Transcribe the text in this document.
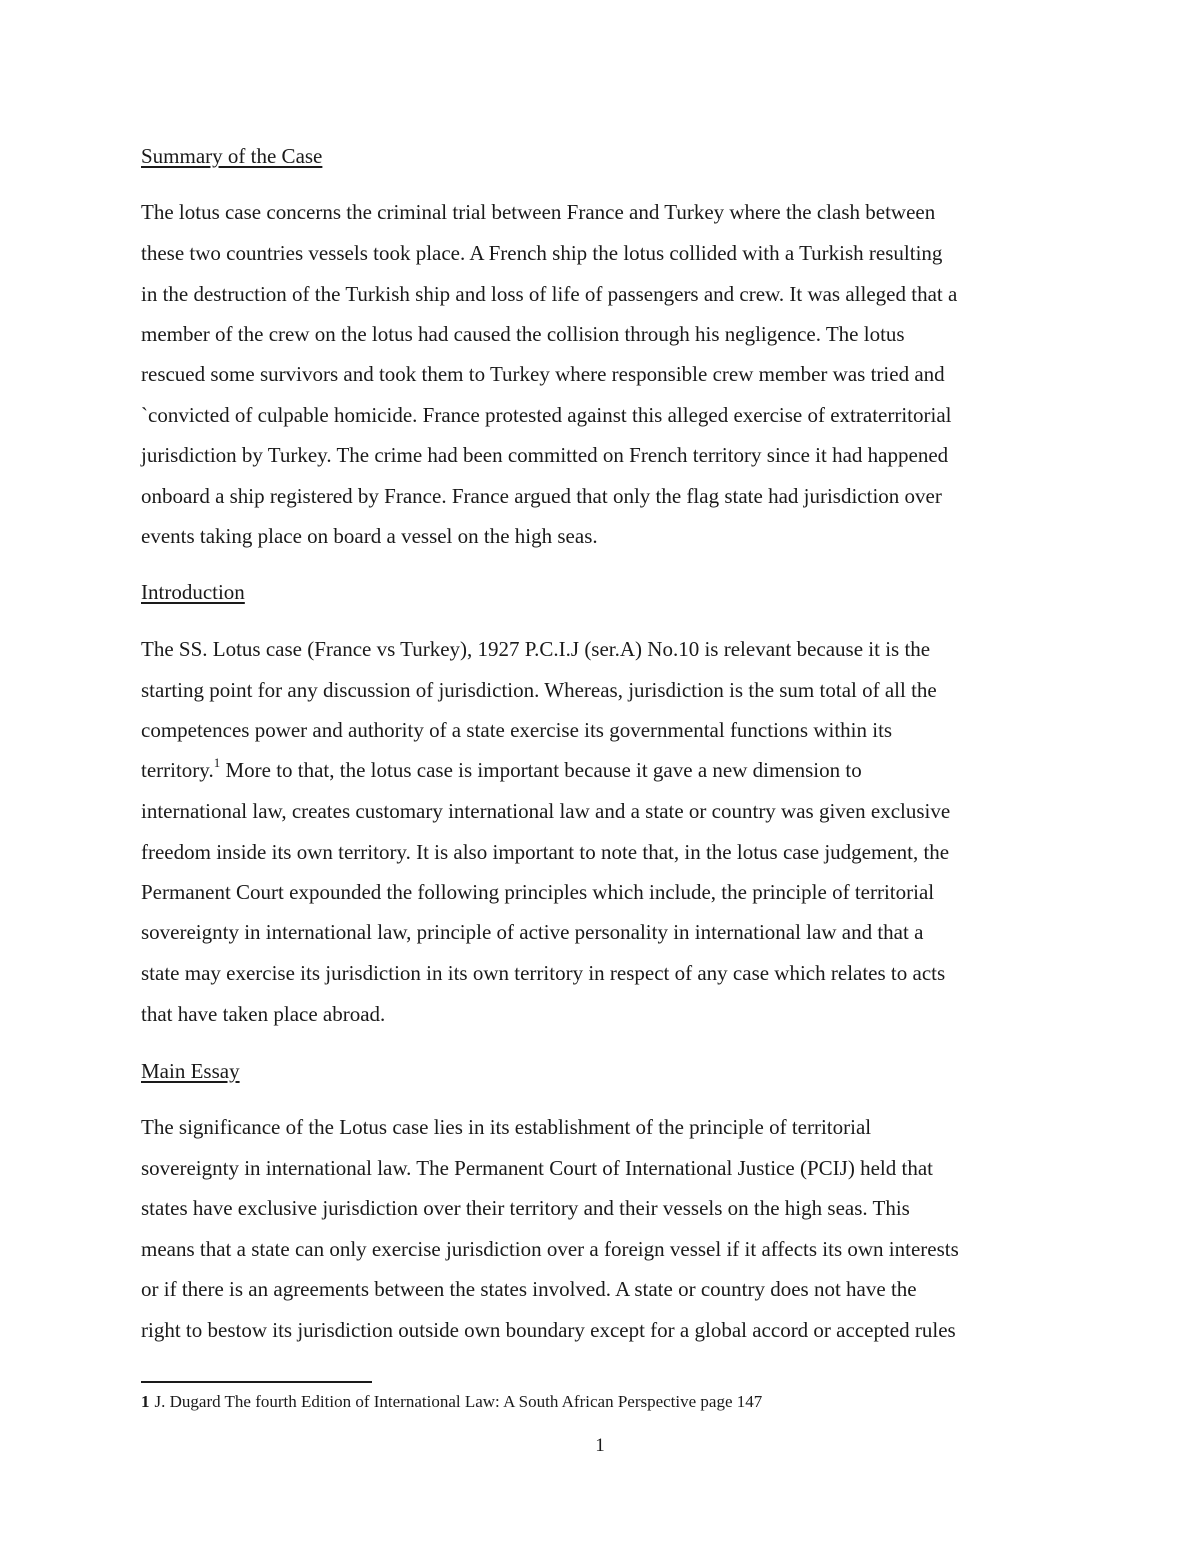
Summary of the Case
The lotus case concerns the criminal trial between France and Turkey where the clash between
these two countries vessels took place. A French ship the lotus collided with a Turkish resulting
in the destruction of the Turkish ship and loss of life of passengers and crew. It was alleged that a
member of the crew on the lotus had caused the collision through his negligence. The lotus
rescued some survivors and took them to Turkey where responsible crew member was tried and
`convicted of culpable homicide. France protested against this alleged exercise of extraterritorial
jurisdiction by Turkey. The crime had been committed on French territory since it had happened
onboard a ship registered by France. France argued that only the flag state had jurisdiction over
events taking place on board a vessel on the high seas.
Introduction
The SS. Lotus case (France vs Turkey), 1927 P.C.I.J (ser.A) No.10 is relevant because it is the
starting point for any discussion of jurisdiction. Whereas, jurisdiction is the sum total of all the
competences power and authority of a state exercise its governmental functions within its
territory.$^1$ More to that, the lotus case is important because it gave a new dimension to
international law, creates customary international law and a state or country was given exclusive
freedom inside its own territory. It is also important to note that, in the lotus case judgement, the
Permanent Court expounded the following principles which include, the principle of territorial
sovereignty in international law, principle of active personality in international law and that a
state may exercise its jurisdiction in its own territory in respect of any case which relates to acts
that have taken place abroad.
Main Essay
The significance of the Lotus case lies in its establishment of the principle of territorial
sovereignty in international law. The Permanent Court of International Justice (PCIJ) held that
states have exclusive jurisdiction over their territory and their vessels on the high seas. This
means that a state can only exercise jurisdiction over a foreign vessel if it affects its own interests
or if there is an agreements between the states involved. A state or country does not have the
right to bestow its jurisdiction outside own boundary except for a global accord or accepted rules
1 J. Dugard The fourth Edition of International Law: A South African Perspective page 147
1
